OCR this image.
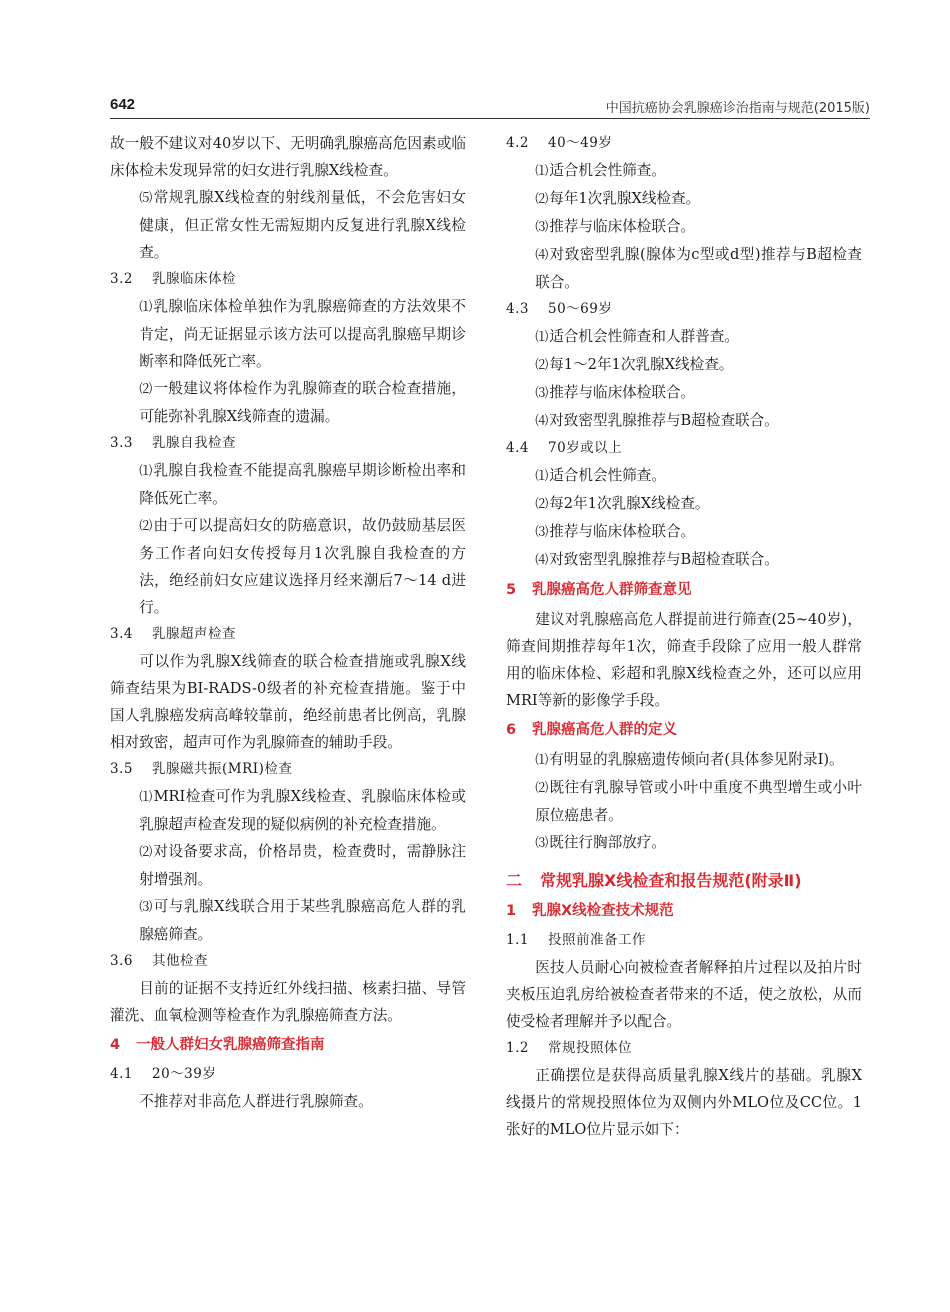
642	中国抗癌协会乳腺癌诊治指南与规范(2015版)

故一般不建议对40岁以下、无明确乳腺癌高危因素或临床体检未发现异常的妇女进行乳腺X线检查。

⑸常规乳腺X线检查的射线剂量低，不会危害妇女健康，但正常女性无需短期内反复进行乳腺X线检查。

3.2 乳腺临床体检

⑴乳腺临床体检单独作为乳腺癌筛查的方法效果不肯定，尚无证据显示该方法可以提高乳腺癌早期诊断率和降低死亡率。

⑵一般建议将体检作为乳腺筛查的联合检查措施，可能弥补乳腺X线筛查的遗漏。

3.3 乳腺自我检查

⑴乳腺自我检查不能提高乳腺癌早期诊断检出率和降低死亡率。

⑵由于可以提高妇女的防癌意识，故仍鼓励基层医务工作者向妇女传授每月1次乳腺自我检查的方法，绝经前妇女应建议选择月经来潮后7～14 d进行。

3.4 乳腺超声检查

可以作为乳腺X线筛查的联合检查措施或乳腺X线筛查结果为BI-RADS-0级者的补充检查措施。鉴于中国人乳腺癌发病高峰较靠前，绝经前患者比例高，乳腺相对致密，超声可作为乳腺筛查的辅助手段。

3.5 乳腺磁共振(MRI)检查

⑴MRI检查可作为乳腺X线检查、乳腺临床体检或乳腺超声检查发现的疑似病例的补充检查措施。

⑵对设备要求高，价格昂贵，检查费时，需静脉注射增强剂。

⑶可与乳腺X线联合用于某些乳腺癌高危人群的乳腺癌筛查。

3.6 其他检查

目前的证据不支持近红外线扫描、核素扫描、导管灌洗、血氧检测等检查作为乳腺癌筛查方法。

4 一般人群妇女乳腺癌筛查指南

4.1 20～39岁

不推荐对非高危人群进行乳腺筛查。

4.2 40～49岁

⑴适合机会性筛查。

⑵每年1次乳腺X线检查。

⑶推荐与临床体检联合。

⑷对致密型乳腺(腺体为c型或d型)推荐与B超检查联合。

4.3 50～69岁

⑴适合机会性筛查和人群普查。

⑵每1～2年1次乳腺X线检查。

⑶推荐与临床体检联合。

⑷对致密型乳腺推荐与B超检查联合。

4.4 70岁或以上

⑴适合机会性筛查。

⑵每2年1次乳腺X线检查。

⑶推荐与临床体检联合。

⑷对致密型乳腺推荐与B超检查联合。

5 乳腺癌高危人群筛查意见

建议对乳腺癌高危人群提前进行筛查(25~40岁)，筛查间期推荐每年1次，筛查手段除了应用一般人群常用的临床体检、彩超和乳腺X线检查之外，还可以应用MRI等新的影像学手段。

6 乳腺癌高危人群的定义

⑴有明显的乳腺癌遗传倾向者(具体参见附录Ⅰ)。

⑵既往有乳腺导管或小叶中重度不典型增生或小叶原位癌患者。

⑶既往行胸部放疗。

二 常规乳腺X线检查和报告规范(附录Ⅱ)

1 乳腺X线检查技术规范

1.1 投照前准备工作

医技人员耐心向被检查者解释拍片过程以及拍片时夹板压迫乳房给被检查者带来的不适，使之放松，从而使受检者理解并予以配合。

1.2 常规投照体位

正确摆位是获得高质量乳腺X线片的基础。乳腺X线摄片的常规投照体位为双侧内外MLO位及CC位。1张好的MLO位片显示如下：
